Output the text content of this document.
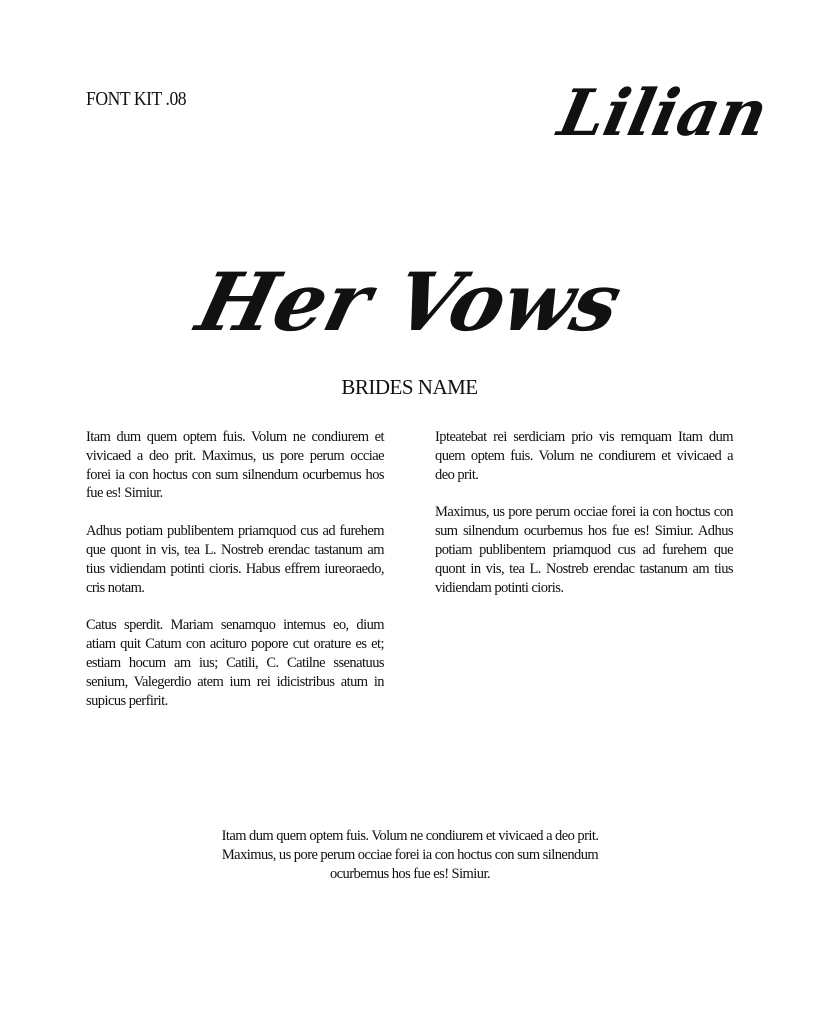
FONT KIT .08	Lilian
Her Vows
BRIDES NAME

Itam dum quem optem fuis. Volum ne condiurem et vivicaed a deo prit. Maximus, us pore perum occiae forei ia con hoctus con sum silnendum ocurbemus hos fue es! Simiur.

Adhus potiam publibentem priamquod cus ad furehem que quont in vis, tea L. Nostreb erendac tastanum am tius vidiendam potinti cioris. Habus effrem iureoraedo, cris notam.

Catus sperdit. Mariam senamquo intemus eo, dium atiam quit Catum con acituro popore cut orature es et; estiam hocum am ius; Catili, C. Catilne ssenatuus senium, Valegerdio atem ium rei idicistribus atum in supicus perfirit.

Ipteatebat rei serdiciam prio vis remquam Itam dum quem optem fuis. Volum ne condiurem et vivicaed a deo prit.

Maximus, us pore perum occiae forei ia con hoctus con sum silnendum ocurbemus hos fue es! Simiur. Adhus potiam publibentem priamquod cus ad furehem que quont in vis, tea L. Nostreb erendac tastanum am tius vidiendam potinti cioris.

Itam dum quem optem fuis. Volum ne condiurem et vivicaed a deo prit. Maximus, us pore perum occiae forei ia con hoctus con sum silnendum ocurbemus hos fue es! Simiur.
